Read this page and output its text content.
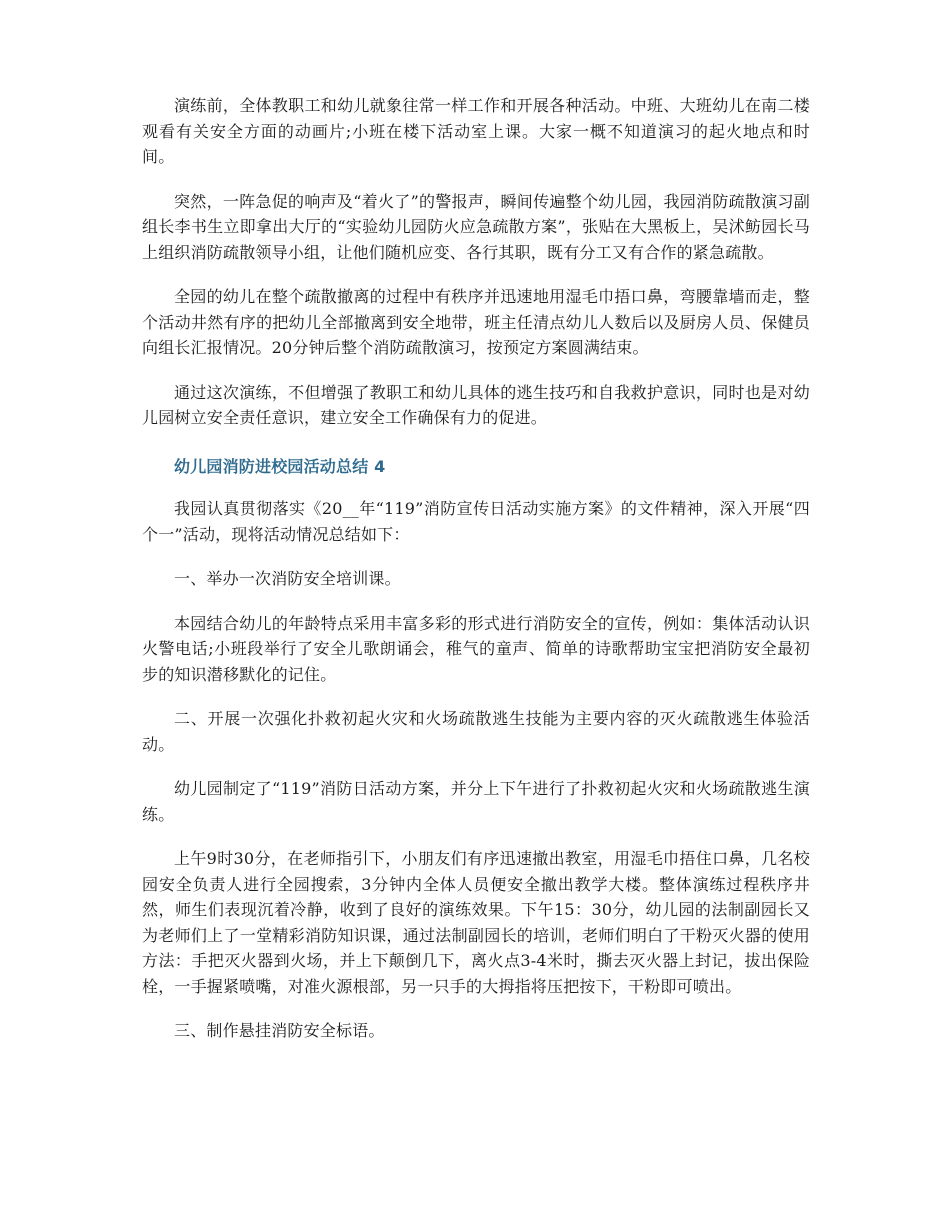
演练前，全体教职工和幼儿就象往常一样工作和开展各种活动。中班、大班幼儿在南二楼观看有关安全方面的动画片;小班在楼下活动室上课。大家一概不知道演习的起火地点和时间。

突然，一阵急促的响声及“着火了”的警报声，瞬间传遍整个幼儿园，我园消防疏散演习副组长李书生立即拿出大厅的“实验幼儿园防火应急疏散方案”，张贴在大黑板上，吴沭鲂园长马上组织消防疏散领导小组，让他们随机应变、各行其职，既有分工又有合作的紧急疏散。

全园的幼儿在整个疏散撤离的过程中有秩序并迅速地用湿毛巾捂口鼻，弯腰靠墙而走，整个活动井然有序的把幼儿全部撤离到安全地带，班主任清点幼儿人数后以及厨房人员、保健员向组长汇报情况。20分钟后整个消防疏散演习，按预定方案圆满结束。

通过这次演练，不但增强了教职工和幼儿具体的逃生技巧和自我救护意识，同时也是对幼儿园树立安全责任意识，建立安全工作确保有力的促进。

幼儿园消防进校园活动总结 4

我园认真贯彻落实《20__年“119”消防宣传日活动实施方案》的文件精神，深入开展“四个一”活动，现将活动情况总结如下：

一、举办一次消防安全培训课。

本园结合幼儿的年龄特点采用丰富多彩的形式进行消防安全的宣传，例如：集体活动认识火警电话;小班段举行了安全儿歌朗诵会，稚气的童声、简单的诗歌帮助宝宝把消防安全最初步的知识潜移默化的记住。

二、开展一次强化扑救初起火灾和火场疏散逃生技能为主要内容的灭火疏散逃生体验活动。

幼儿园制定了“119”消防日活动方案，并分上下午进行了扑救初起火灾和火场疏散逃生演练。

上午9时30分，在老师指引下，小朋友们有序迅速撤出教室，用湿毛巾捂住口鼻，几名校园安全负责人进行全园搜索，3分钟内全体人员便安全撤出教学大楼。整体演练过程秩序井然，师生们表现沉着冷静，收到了良好的演练效果。下午15：30分，幼儿园的法制副园长又为老师们上了一堂精彩消防知识课，通过法制副园长的培训，老师们明白了干粉灭火器的使用方法：手把灭火器到火场，并上下颠倒几下，离火点3-4米时，撕去灭火器上封记，拔出保险栓，一手握紧喷嘴，对准火源根部，另一只手的大拇指将压把按下，干粉即可喷出。

三、制作悬挂消防安全标语。
